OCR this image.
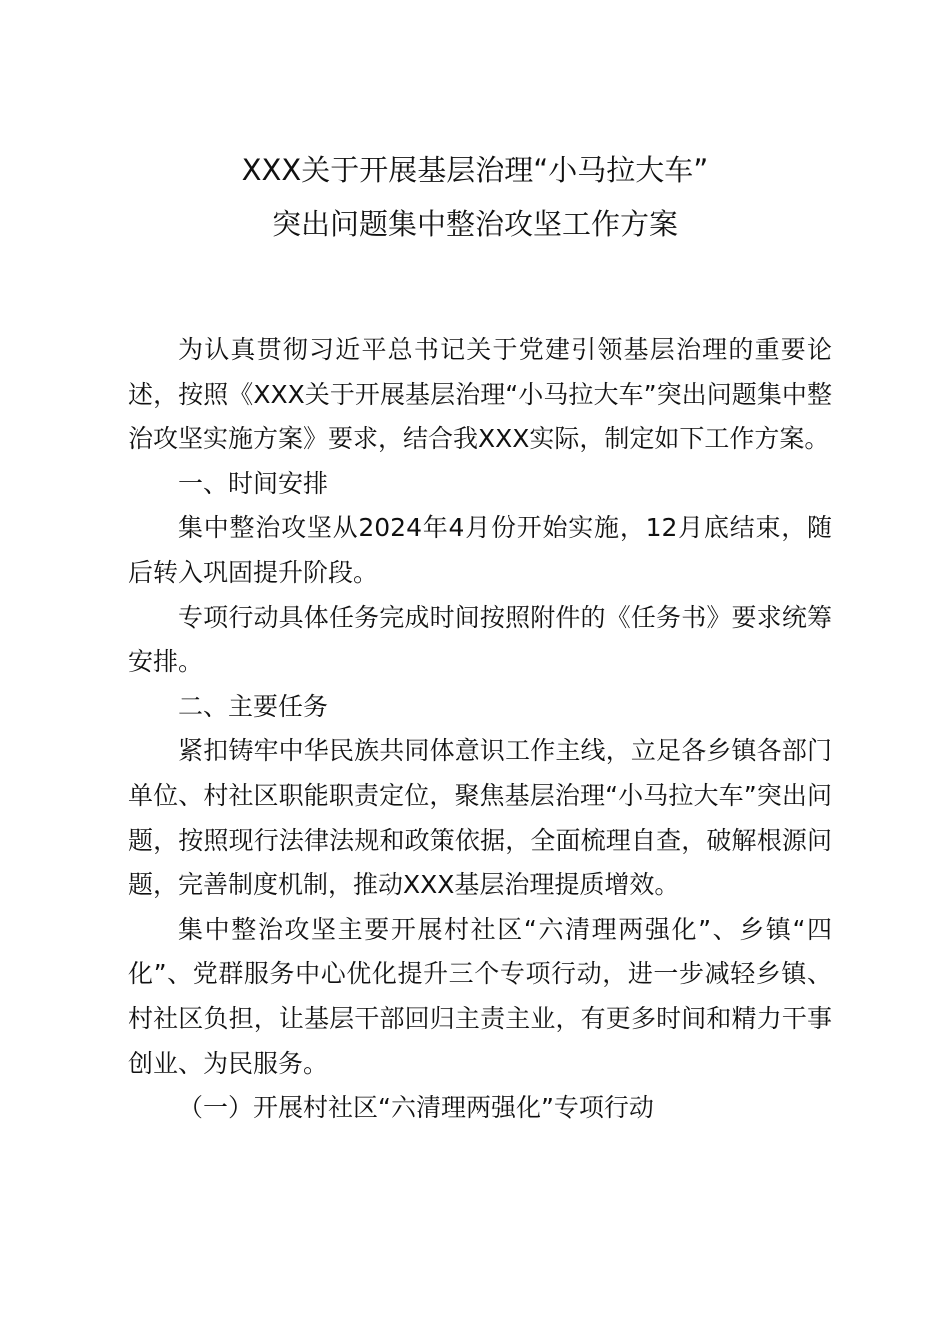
XXX关于开展基层治理“小马拉大车”
突出问题集中整治攻坚工作方案

为认真贯彻习近平总书记关于党建引领基层治理的重要论述，按照《XXX关于开展基层治理“小马拉大车”突出问题集中整治攻坚实施方案》要求，结合我XXX实际，制定如下工作方案。

一、时间安排

集中整治攻坚从2024年4月份开始实施，12月底结束，随后转入巩固提升阶段。

专项行动具体任务完成时间按照附件的《任务书》要求统筹安排。

二、主要任务

紧扣铸牢中华民族共同体意识工作主线，立足各乡镇各部门单位、村社区职能职责定位，聚焦基层治理“小马拉大车”突出问题，按照现行法律法规和政策依据，全面梳理自查，破解根源问题，完善制度机制，推动XXX基层治理提质增效。

集中整治攻坚主要开展村社区“六清理两强化”、乡镇“四化”、党群服务中心优化提升三个专项行动，进一步减轻乡镇、村社区负担，让基层干部回归主责主业，有更多时间和精力干事创业、为民服务。

（一）开展村社区“六清理两强化”专项行动
